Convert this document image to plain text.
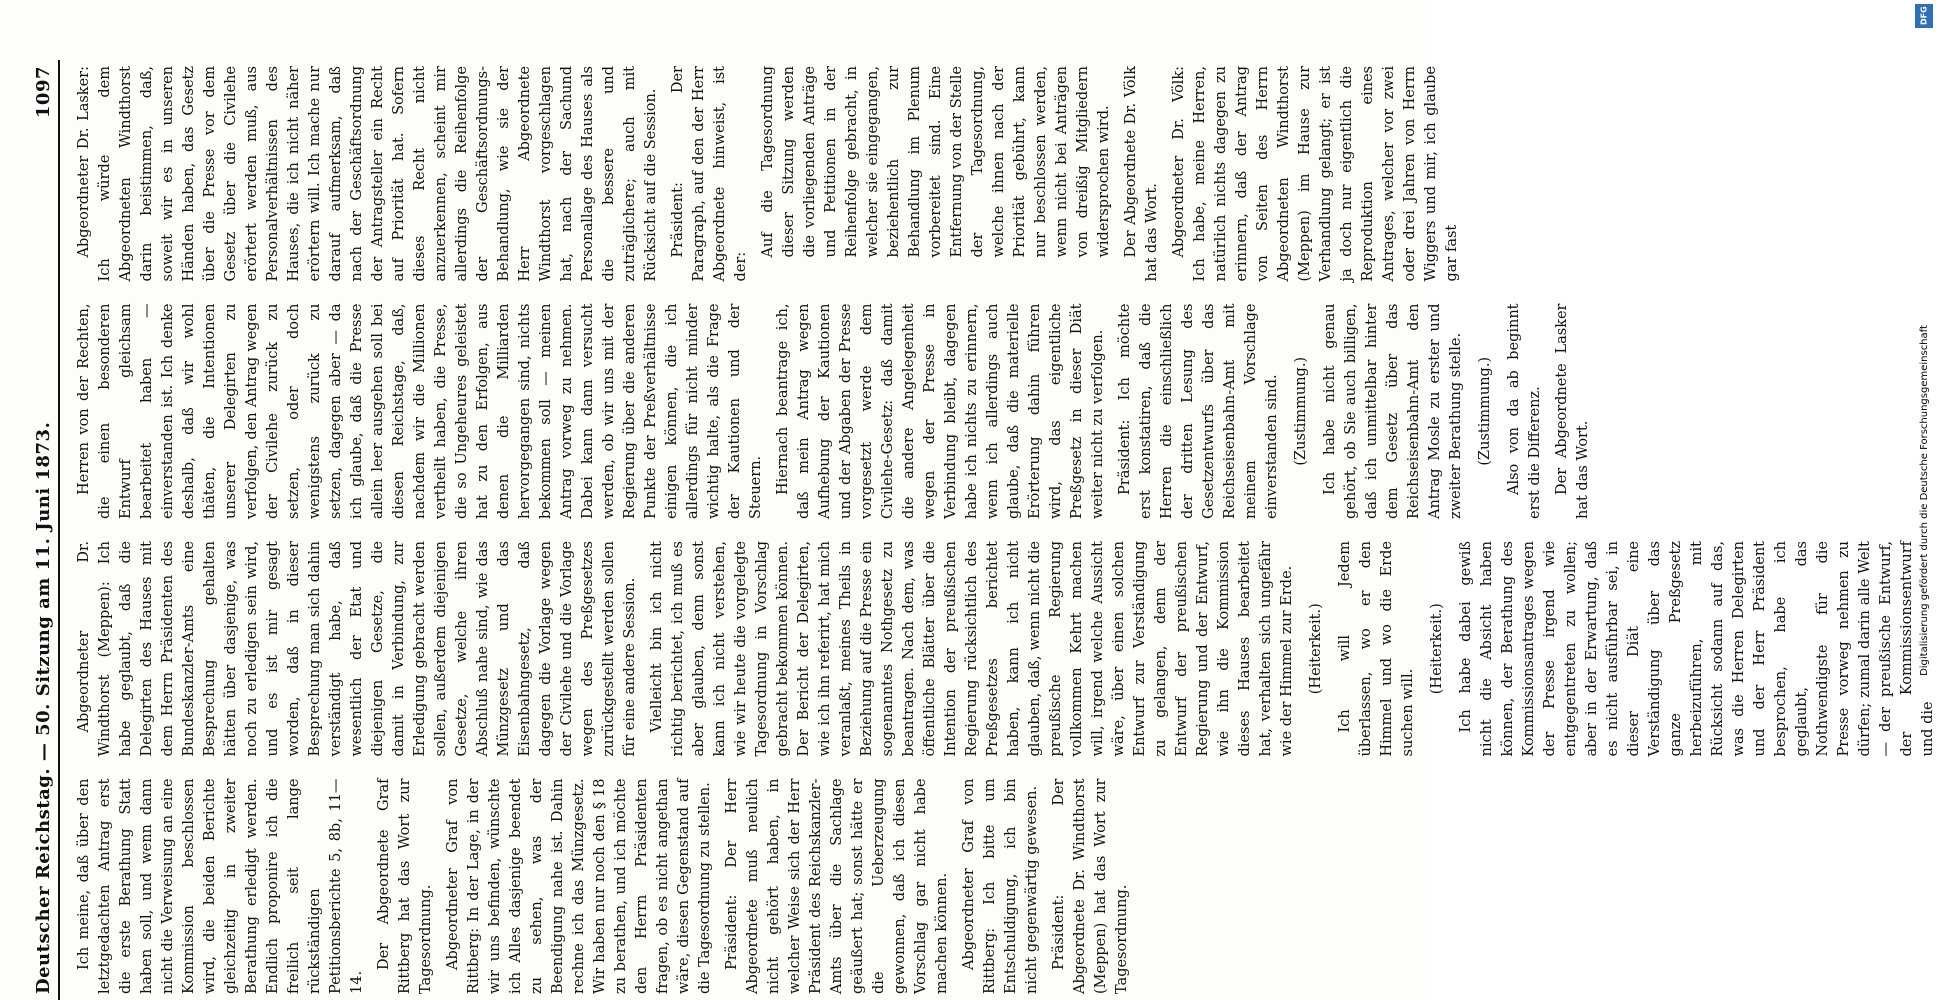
Deutscher Reichstag. — 50. Sitzung am 11. Juni 1873.
1097

Ich meine, daß über den letztgedachten Antrag erst die erste Berathung Statt haben soll, und wenn dann nicht die Verweisung an eine Kommission beschlossen wird, die beiden Berichte gleichzeitig in zweiter Berathung erledigt werden. Endlich proponire ich die freilich seit lange rückständigen Petitionsberichte 5, 8b, 11—14.

Der Abgeordnete Graf Rittberg hat das Wort zur Tagesordnung. Abgeordneter Graf von Rittberg: In der Lage, in der wir uns befinden, wünschte ich Alles dasjenige beendet zu sehen, was der Beendigung nahe ist. Dahin rechne ich das Münzgesetz. Wir haben nur noch den § 18 zu berathen, und ich möchte den Herrn Präsidenten fragen, ob es nicht angethan wäre, diesen Gegenstand auf die Tagesordnung zu stellen. Präsident: Der Herr Abgeordnete muß neulich nicht gehört haben, in welcher Weise sich der Herr Präsident des Reichskanzler-Amts über die Sachlage geäußert hat; sonst hätte er die Ueberzeugung gewonnen, daß ich diesen Vorschlag gar nicht habe machen können. Abgeordneter Graf von Rittberg: Ich bitte um Entschuldigung, ich bin nicht gegenwärtig gewesen. Präsident: Der Abgeordnete Dr. Windthorst (Meppen) hat das Wort zur Tagesordnung.

Abgeordneter Dr. Windthorst (Meppen): Ich habe geglaubt, daß die Delegirten des Hauses mit dem Herrn Präsidenten des Bundeskanzler-Amts eine Besprechung gehalten hätten über dasjenige, was noch zu erledigen sein wird, und es ist mir gesagt worden, daß in dieser Besprechung man sich dahin verständigt habe, daß wesentlich der Etat und diejenigen Gesetze, die damit in Verbindung, zur Erledigung gebracht werden sollen, außerdem diejenigen Gesetze, welche ihren Abschluß nahe sind, wie das Münzgesetz und das Eisenbahngesetz, daß dagegen die Vorlage wegen der Civilehe und die Vorlage wegen des Preßgesetzes zurückgestellt werden sollen für eine andere Session. Vielleicht bin ich nicht richtig berichtet, ich muß es aber glauben, denn sonst kann ich nicht verstehen, wie wir heute die vorgelegte Tagesordnung in Vorschlag gebracht bekommen können. Der Bericht der Delegirten, wie ich ihn referirt, hat mich veranlaßt, meines Theils in Beziehung auf die Presse ein sogenanntes Nothgesetz zu beantragen. Nach dem, was öffentliche Blätter über die Intention der preußischen Regierung rücksichtlich des Preßgesetzes berichtet haben, kann ich nicht glauben, daß, wenn nicht die preußische Regierung vollkommen Kehrt machen will, irgend welche Aussicht wäre, über einen solchen Entwurf zur Verständigung zu gelangen, denn der Entwurf der preußischen Regierung und der Entwurf, wie ihn die Kommission dieses Hauses bearbeitet hat, verhalten sich ungefähr wie der Himmel zur Erde. (Heiterkeit.) Ich will Jedem überlassen, wo er den Himmel und wo die Erde suchen will.

(Heiterkeit.) Ich habe dabei gewiß nicht die Absicht haben können, der Berathung des Kommissionsantrages wegen der Presse irgend wie entgegentreten zu wollen; aber in der Erwartung, daß es nicht ausführbar sei, in dieser Diät eine Verständigung über das ganze Preßgesetz herbeizuführen, mit Rücksicht sodann auf das, was die Herren Delegirten und der Herr Präsident besprochen, habe ich geglaubt, das Nothwendigste für die Presse vorweg nehmen zu dürfen; zumal darin alle Welt — der preußische Entwurf, der Kommissionsentwurf und die

Herren von der Rechten, die einen besonderen Entwurf gleichsam bearbeitet haben — einverstanden ist. Ich denke deshalb, daß wir wohl thäten, die Intentionen unserer Delegirten zu verfolgen, den Antrag wegen der Civilehe zurück zu setzen, oder doch wenigstens zurück zu setzen, dagegen aber — da ich glaube, daß die Presse allein leer ausgehen soll bei diesen Reichstage, daß, nachdem wir die Millionen vertheilt haben, die Presse, die so Ungeheures geleistet hat zu den Erfolgen, aus denen die Milliarden hervorgegangen sind, nichts bekommen soll — meinen Antrag vorweg zu nehmen. Dabei kann dann versucht werden, ob wir uns mit der Regierung über die anderen Punkte der Preßverhältnisse einigen können, die ich allerdings für nicht minder wichtig halte, als die Frage der Kautionen und der Steuern. Hiernach beantrage ich, daß mein Antrag wegen Aufhebung der Kautionen und der Abgaben der Presse vorgesetzt werde dem Civilehe-Gesetz: daß damit die andere Angelegenheit wegen der Presse in Verbindung bleibt, dagegen habe ich nichts zu erinnern, wenn ich allerdings auch glaube, daß die materielle Erörterung dahin führen wird, das eigentliche Preßgesetz in dieser Diät weiter nicht zu verfolgen. Präsident: Ich möchte erst konstatiren, daß die Herren die einschließlich der dritten Lesung des Gesetzentwurfs über das Reichseisenbahn-Amt mit meinem Vorschlage einverstanden sind. (Zustimmung.) Ich habe nicht genau gehört, ob Sie auch billigen, daß ich unmittelbar hinter dem Gesetz über das Reichseisenbahn-Amt den Antrag Mosle zu erster und zweiter Berathung stelle. (Zustimmung.) Also von da ab beginnt erst die Differenz. Der Abgeordnete Lasker hat das Wort.

Abgeordneter Dr. Lasker: Ich würde dem Abgeordneten Windthorst darin beistimmen, daß, soweit wir es in unseren Händen haben, das Gesetz über die Presse vor dem Gesetz über die Civilehe erörtert werden muß, aus Personalverhältnissen des Hauses, die ich nicht näher erörtern will. Ich mache nur darauf aufmerksam, daß nach der Geschäftsordnung der Antragsteller ein Recht auf Priorität hat. Sofern dieses Recht nicht anzuerkennen, scheint mir allerdings die Reihenfolge der Geschäftsordnungs-Behandlung, wie sie der Herr Abgeordnete Windthorst vorgeschlagen hat, nach der Sachund Personallage des Hauses als die bessere und zuträglichere; auch mit Rücksicht auf die Session. Präsident: Der Paragraph, auf den der Herr Abgeordnete hinweist, ist der:

Auf die Tagesordnung dieser Sitzung werden die vorliegenden Anträge und Petitionen in der Reihenfolge gebracht, in welcher sie eingegangen, beziehentlich zur Behandlung im Plenum vorbereitet sind. Eine Entfernung von der Stelle der Tagesordnung, welche ihnen nach der Priorität gebührt, kann nur beschlossen werden, wenn nicht bei Anträgen von dreißig Mitgliedern widersprochen wird. Der Abgeordnete Dr. Völk hat das Wort. Abgeordneter Dr. Völk: Ich habe, meine Herren, natürlich nichts dagegen zu erinnern, daß der Antrag von Seiten des Herrn Abgeordneten Windthorst (Meppen) im Hause zur Verhandlung gelangt; er ist ja doch nur eigentlich die Reproduktion eines Antrages, welcher vor zwei oder drei Jahren von Herrn Wiggers und mir, ich glaube gar fast

DFG
Digitalisierung gefördert durch die Deutsche Forschungsgemeinschaft
